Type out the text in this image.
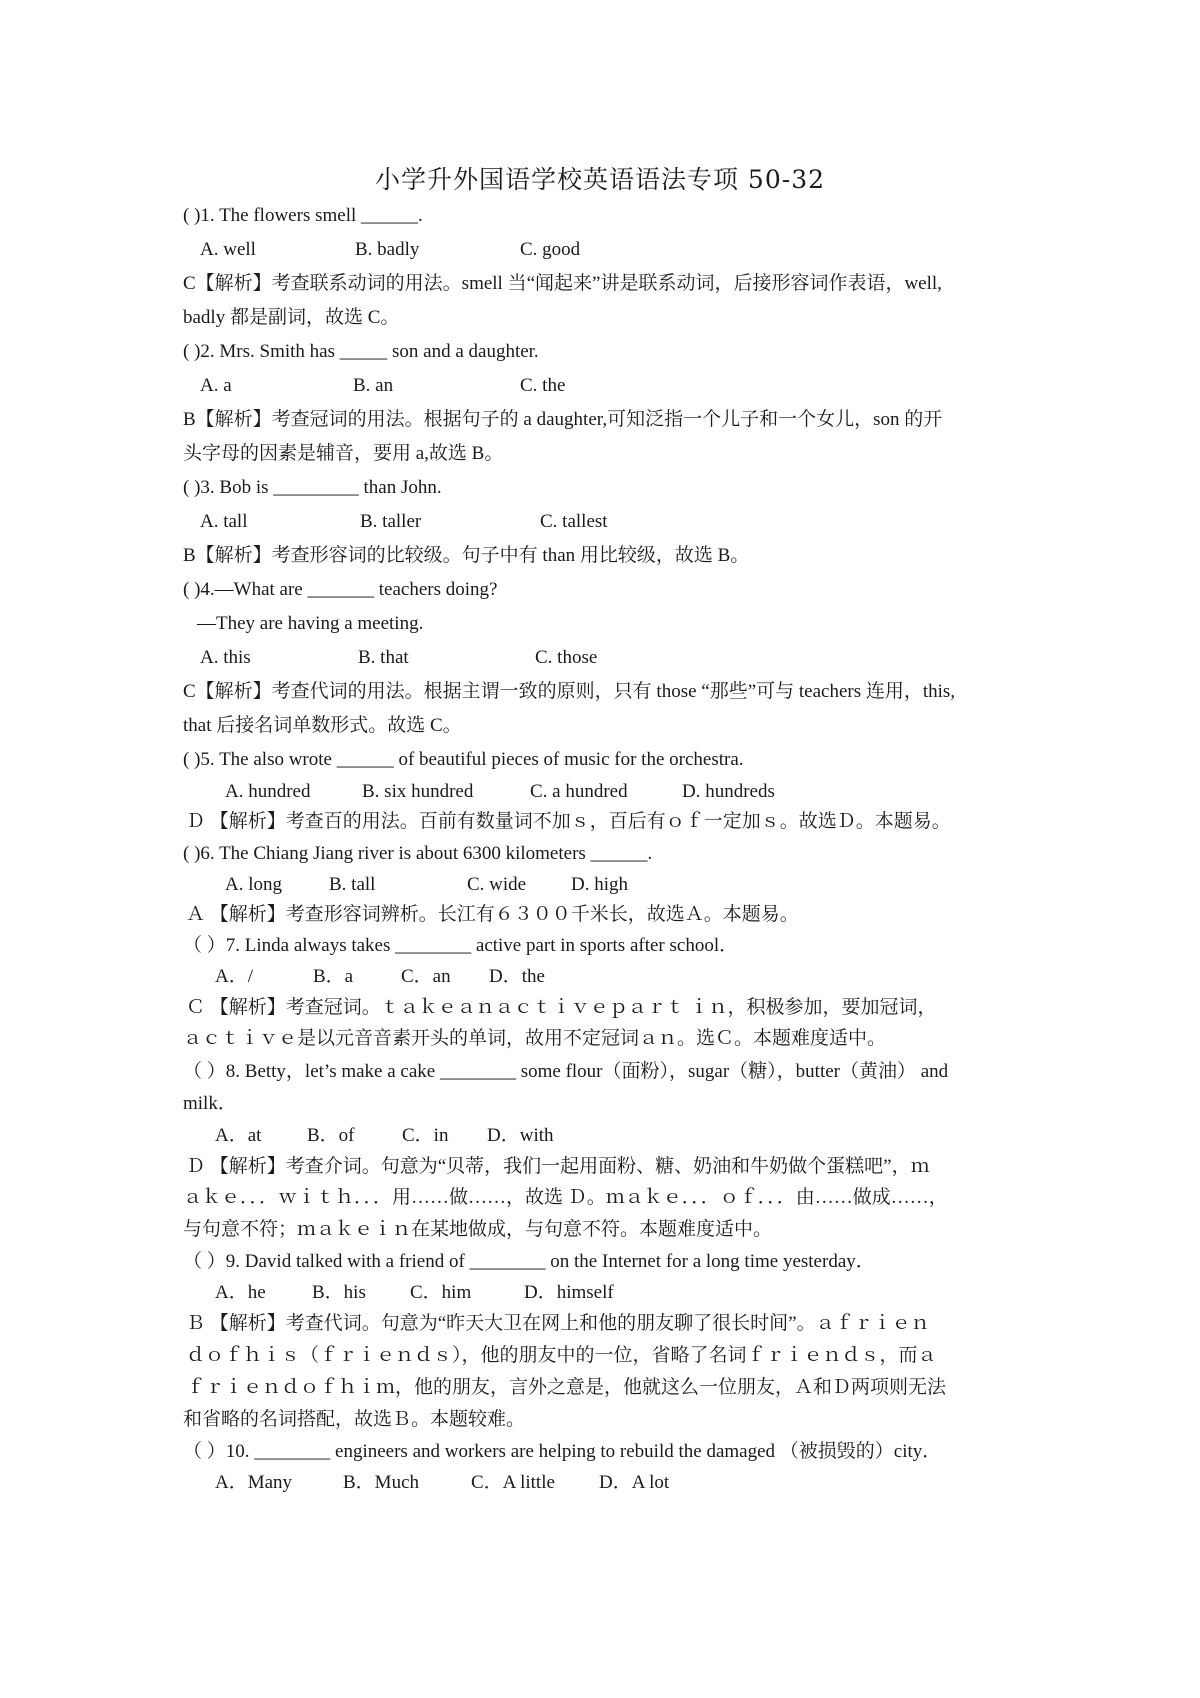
小学升外国语学校英语语法专项 50-32
( )1. The flowers smell ______.
A. well	B. badly	C. good
C【解析】考查联系动词的用法。smell 当“闻起来”讲是联系动词，后接形容词作表语，well,
badly 都是副词，故选 C。
( )2. Mrs. Smith has _____ son and a daughter.
A. a	B. an	C. the
B【解析】考查冠词的用法。根据句子的 a daughter,可知泛指一个儿子和一个女儿，son 的开
头字母的因素是辅音，要用 a,故选 B。
( )3. Bob is _________ than John.
A. tall	B. taller	C. tallest
B【解析】考查形容词的比较级。句子中有 than 用比较级，故选 B。
( )4.—What are _______ teachers doing?
—They are having a meeting.
A. this	B. that	C. those
C【解析】考查代词的用法。根据主谓一致的原则，只有 those “那些”可与 teachers 连用，this,
that 后接名词单数形式。故选 C。
( )5. The also wrote ______ of beautiful pieces of music for the orchestra.
A. hundred	B. six hundred	C. a hundred	D. hundreds
Ｄ 【解析】考查百的用法。百前有数量词不加ｓ，百后有ｏｆ一定加ｓ。故选Ｄ。本题易。
( )6. The Chiang Jiang river is about 6300 kilometers ______.
A. long B. tall	C. wide D. high
Ａ 【解析】考查形容词辨析。长江有６３００千米长，故选Ａ。本题易。
（ ）7. Linda always takes ________ active part in sports after school．
A．/	B．a	C．an D．the
Ｃ 【解析】考查冠词。ｔａｋｅａｎａｃｔｉｖｅｐａｒｔ ｉｎ，积极参加，要加冠词，
ａｃｔｉｖｅ是以元音音素开头的单词，故用不定冠词ａｎ。选Ｃ。本题难度适中。
（ ）8. Betty，let’s make a cake ________ some flour（面粉），sugar（糖），butter（黄油） and
milk．
A．at B．of C．in D．with
Ｄ 【解析】考查介词。句意为“贝蒂，我们一起用面粉、糖、奶油和牛奶做个蛋糕吧”，ｍ
ａｋｅ．．．ｗｉｔｈ．．．用……做……，故选 Ｄ。ｍａｋｅ．．．ｏｆ．．．由……做成……，
与句意不符；ｍａｋｅｉｎ在某地做成，与句意不符。本题难度适中。
（ ）9. David talked with a friend of ________ on the Internet for a long time yesterday．
A．he B．his C．him	D．himself
Ｂ 【解析】考查代词。句意为“昨天大卫在网上和他的朋友聊了很长时间”。ａｆｒｉｅｎ
ｄｏｆｈｉｓ（ｆｒｉｅｎｄｓ），他的朋友中的一位，省略了名词ｆｒｉｅｎｄｓ，而ａ
ｆｒｉｅｎｄｏｆｈｉｍ，他的朋友，言外之意是，他就这么一位朋友，Ａ和Ｄ两项则无法
和省略的名词搭配，故选Ｂ。本题较难。
（ ）10. ________ engineers and workers are helping to rebuild the damaged （被损毁的）city．
A．Many	B．Much	C．A little D．A lot
